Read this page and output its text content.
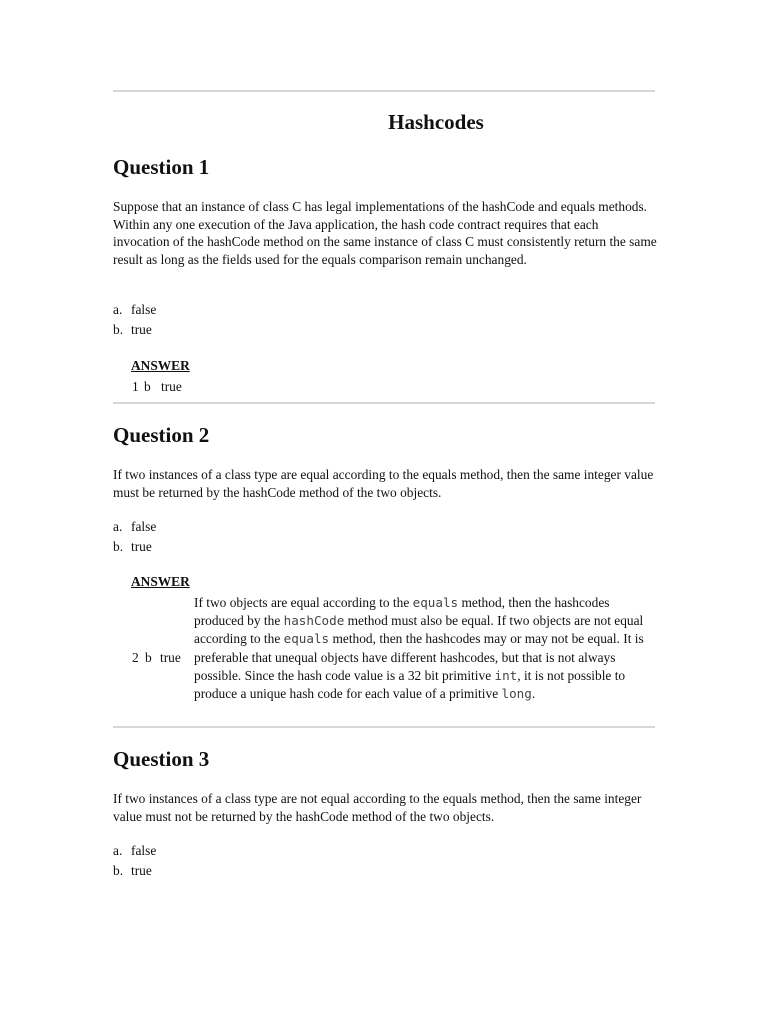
Hashcodes
Question 1

Suppose that an instance of class C has legal implementations of the hashCode and equals methods. Within any one execution of the Java application, the hash code contract requires that each invocation of the hashCode method on the same instance of class C must consistently return the same result as long as the fields used for the equals comparison remain unchanged.

a. false
b. true
ANSWER
1 b true
Question 2

If two instances of a class type are equal according to the equals method, then the same integer value must be returned by the hashCode method of the two objects.

a. false
b. true
ANSWER
2 b true

If two objects are equal according to the equals method, then the hashcodes produced by the hashCode method must also be equal. If two objects are not equal according to the equals method, then the hashcodes may or may not be equal. It is preferable that unequal objects have different hashcodes, but that is not always possible. Since the hash code value is a 32 bit primitive int, it is not possible to produce a unique hash code for each value of a primitive long.

Question 3

If two instances of a class type are not equal according to the equals method, then the same integer value must not be returned by the hashCode method of the two objects.

a. false
b. true
